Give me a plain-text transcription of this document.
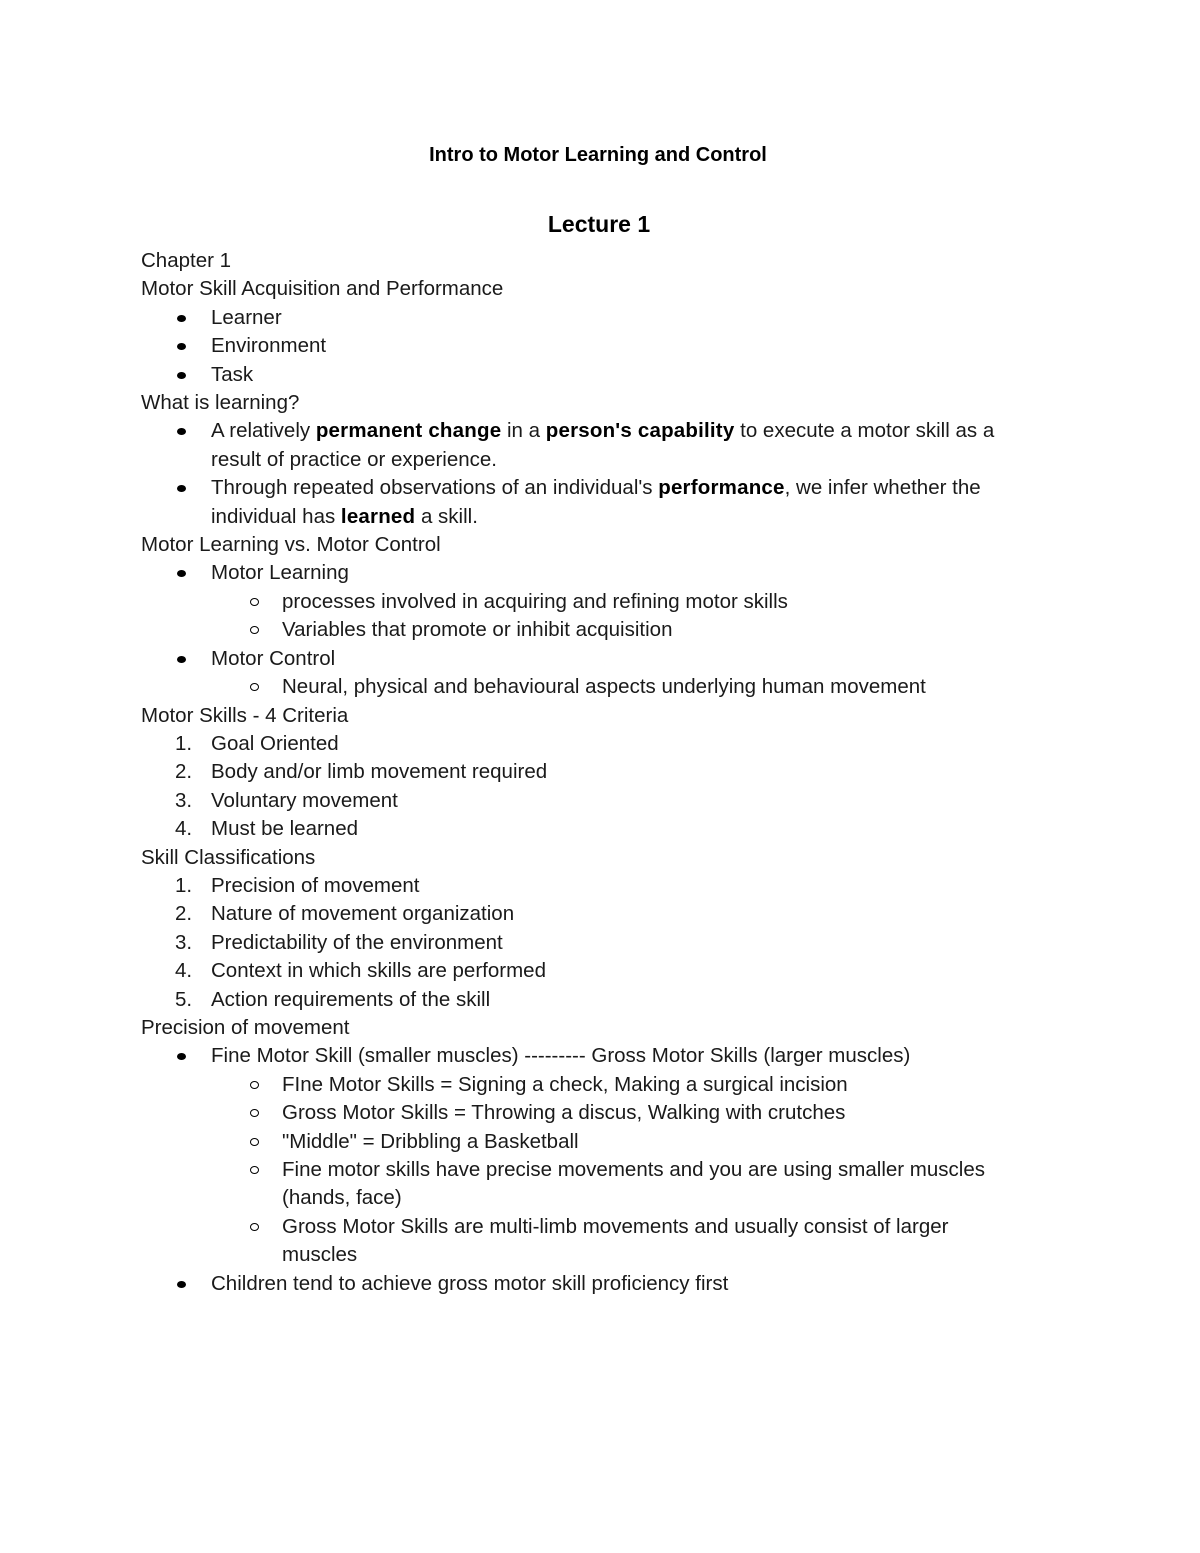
Intro to Motor Learning and Control
Lecture 1
Chapter 1
Motor Skill Acquisition and Performance
Learner
Environment
Task
What is learning?
A relatively permanent change in a person's capability to execute a motor skill as a
result of practice or experience.
Through repeated observations of an individual's performance, we infer whether the
individual has learned a skill.
Motor Learning vs. Motor Control
Motor Learning
processes involved in acquiring and refining motor skills
Variables that promote or inhibit acquisition
Motor Control
Neural, physical and behavioural aspects underlying human movement
Motor Skills - 4 Criteria
1. Goal Oriented
2. Body and/or limb movement required
3. Voluntary movement
4. Must be learned
Skill Classifications
1. Precision of movement
2. Nature of movement organization
3. Predictability of the environment
4. Context in which skills are performed
5. Action requirements of the skill
Precision of movement
Fine Motor Skill (smaller muscles) --------- Gross Motor Skills (larger muscles)
FIne Motor Skills = Signing a check, Making a surgical incision
Gross Motor Skills = Throwing a discus, Walking with crutches
"Middle" = Dribbling a Basketball
Fine motor skills have precise movements and you are using smaller muscles
(hands, face)
Gross Motor Skills are multi-limb movements and usually consist of larger
muscles
Children tend to achieve gross motor skill proficiency first
